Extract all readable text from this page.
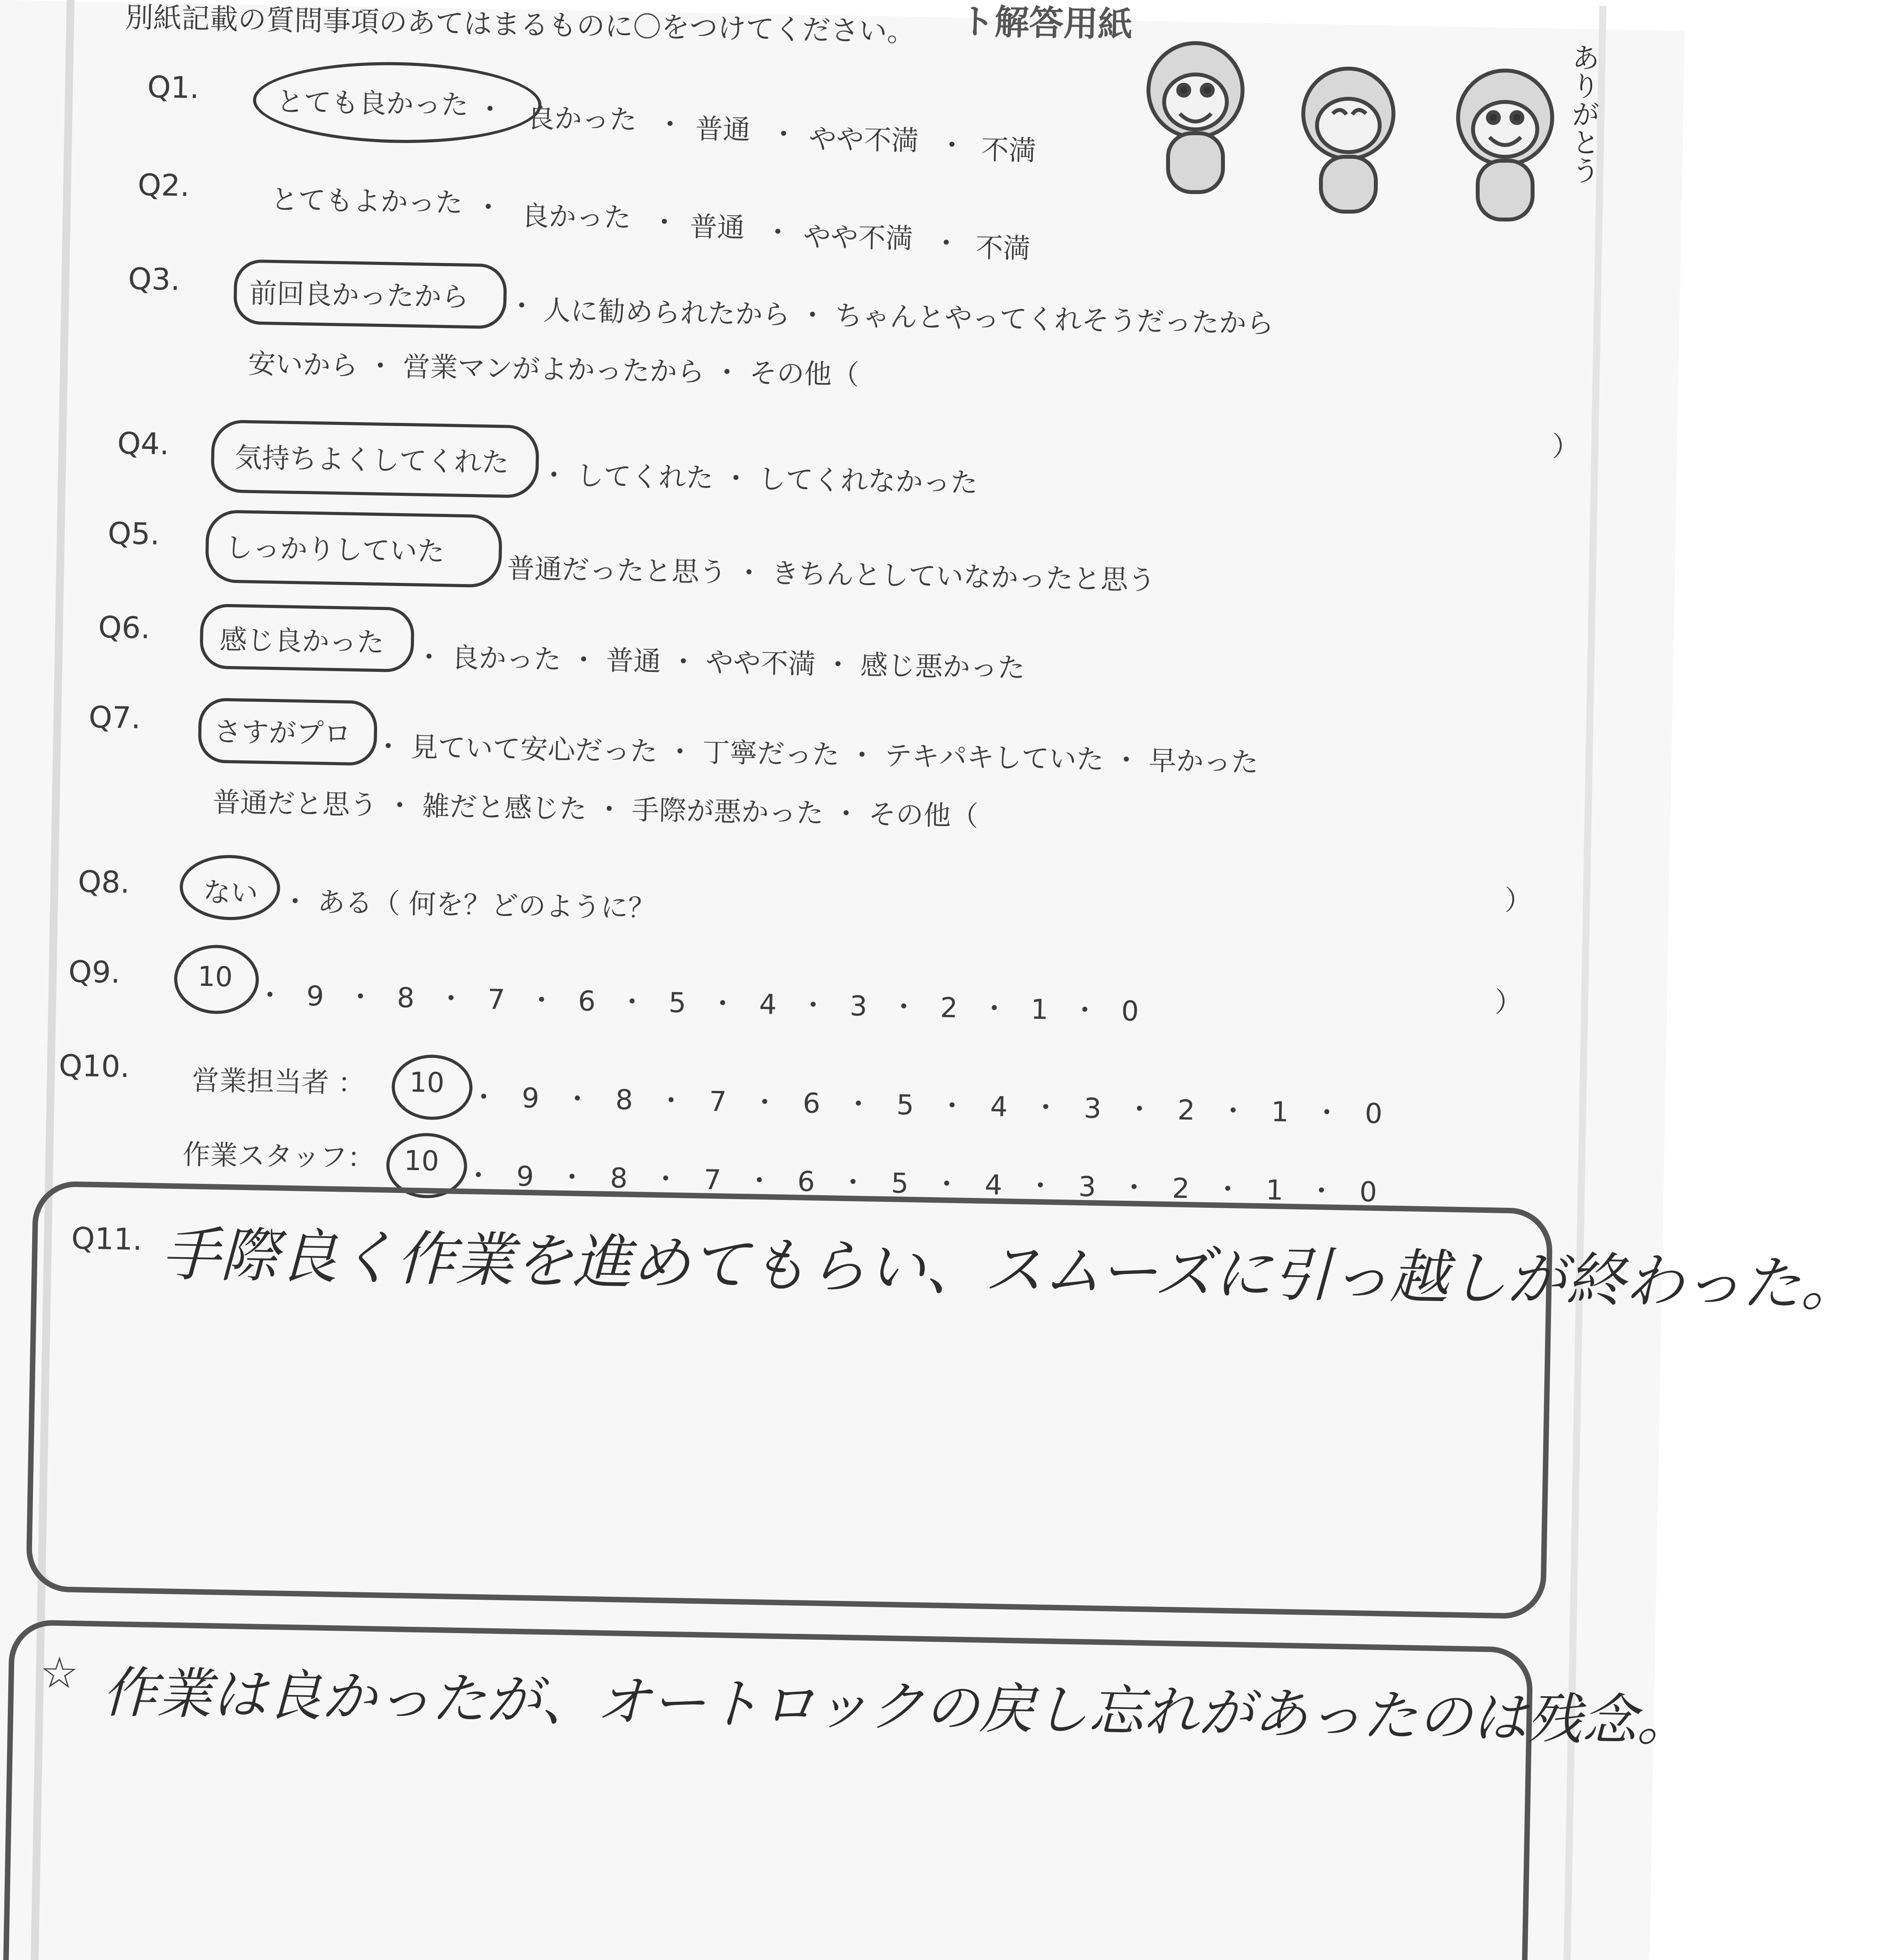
別紙記載の質問事項のあてはまるものに〇をつけてください。 ト解答用紙
Q1.	とても良かった ・ 良かった ・ 普通 ・ やや不満 ・ 不満
Q2.	とてもよかった ・ 良かった ・ 普通 ・ やや不満 ・ 不満
Q3.	前回良かったから ・ 人に勧められたから ・ ちゃんとやってくれそうだったから
安いから ・ 営業マンがよかったから ・ その他（
）
Q4. 気持ちよくしてくれた ・ してくれた ・ してくれなかった
Q5. しっかりしていた
普通だったと思う ・ きちんとしていなかったと思う
Q6.	感じ良かった ・ 良かった ・ 普通 ・ やや不満 ・ 感じ悪かった
Q7.	さすがプロ ・ 見ていて安心だった ・ 丁寧だった ・ テキパキしていた ・ 早かった
普通だと思う ・ 雑だと感じた ・ 手際が悪かった ・ その他（
Q8.	ない ・ ある（ 何を？どのように？	）
Q9.	10
・ 9 ・ 8 ・ 7 ・ 6 ・ 5 ・ 4 ・ 3 ・ 2 ・ 1 ・ 0	）
Q10. 営業担当者 ： 10 ・ 9 ・ 8 ・ 7 ・ 6 ・ 5 ・ 4 ・ 3 ・ 2 ・ 1 ・ 0
作業スタッフ： 10 ・ 9 ・ 8 ・ 7 ・ 6 ・ 5 ・ 4 ・ 3 ・ 2 ・ 1 ・ 0
Q11. 手際良く作業を進めてもらい、スムーズに引っ越しが終わった。
☆ 作業は良かったが、オートロックの戻し忘れがあったのは残念。

ありがとう
